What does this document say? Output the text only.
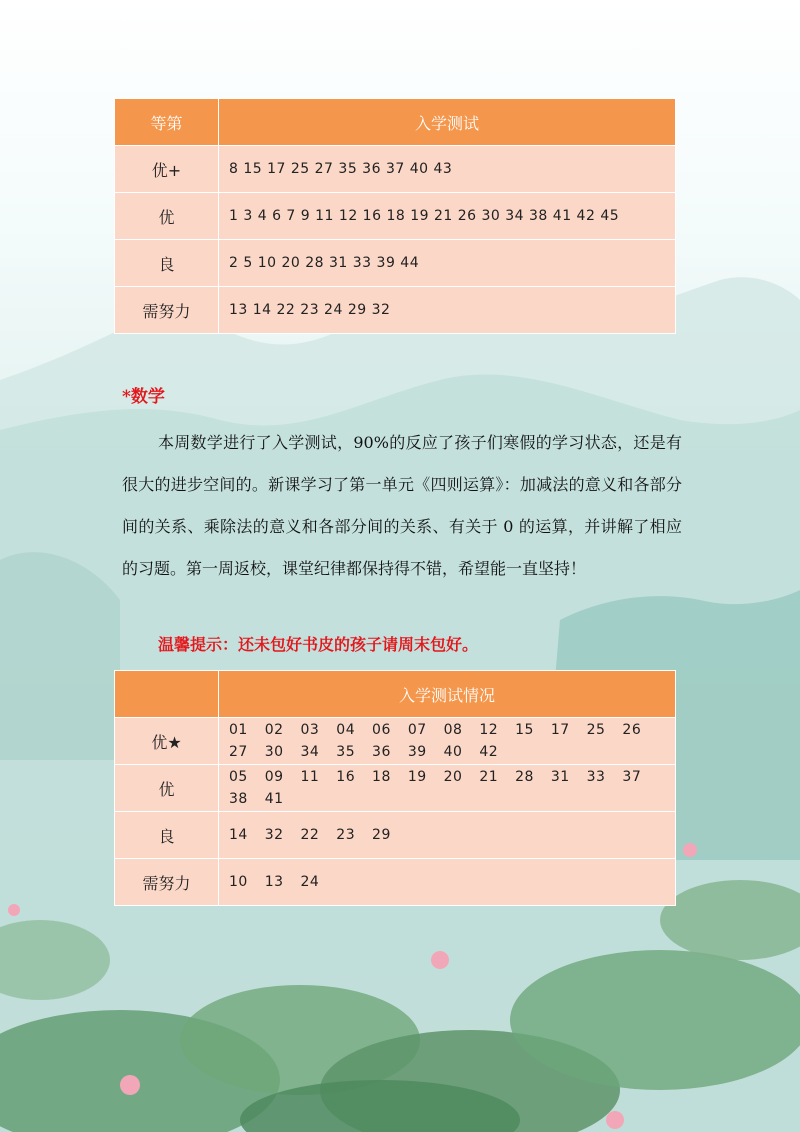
等第	入学测试
优+	8 15 17 25 27 35 36 37 40 43
优	1 3 4 6 7 9 11 12 16 18 19 21 26 30 34 38 41 42 45
良	2 5 10 20 28 31 33 39 44
需努力	13 14 22 23 24 29 32
*数学

本周数学进行了入学测试，90%的反应了孩子们寒假的学习状态，还是有很大的进步空间的。新课学习了第一单元《四则运算》：加减法的意义和各部分间的关系、乘除法的意义和各部分间的关系、有关于 0 的运算，并讲解了相应的习题。第一周返校，课堂纪律都保持得不错，希望能一直坚持！

温馨提示：还未包好书皮的孩子请周末包好。
	入学测试情况
优★	01 02 03 04 06 07 08 12 15 17 25 26 27 30 34 35 36 39 40 42
优	05 09 11 16 18 19 20 21 28 31 33 37 38 41
良	14 32 22 23 29
需努力	10 13 24
